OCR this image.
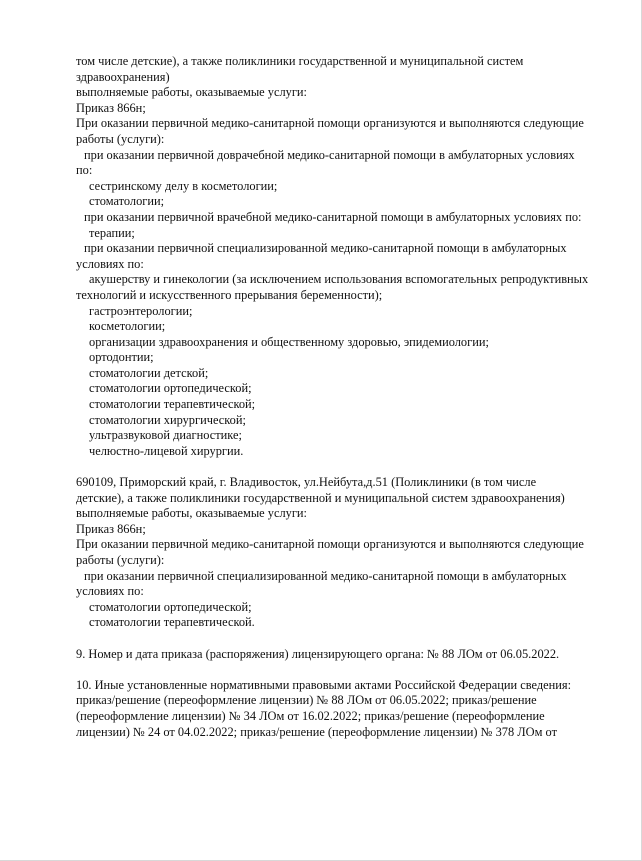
том числе детские), а также поликлиники государственной и муниципальной систем
здравоохранения)
выполняемые работы, оказываемые услуги:
Приказ 866н;
При оказании первичной медико-санитарной помощи организуются и выполняются следующие
работы (услуги):
при оказании первичной доврачебной медико-санитарной помощи в амбулаторных условиях
по:
сестринскому делу в косметологии;
стоматологии;
при оказании первичной врачебной медико-санитарной помощи в амбулаторных условиях по:
терапии;
при оказании первичной специализированной медико-санитарной помощи в амбулаторных
условиях по:
акушерству и гинекологии (за исключением использования вспомогательных репродуктивных
технологий и искусственного прерывания беременности);
гастроэнтерологии;
косметологии;
организации здравоохранения и общественному здоровью, эпидемиологии;
ортодонтии;
стоматологии детской;
стоматологии ортопедической;
стоматологии терапевтической;
стоматологии хирургической;
ультразвуковой диагностике;
челюстно-лицевой хирургии.
690109, Приморский край, г. Владивосток, ул.Нейбута,д.51 (Поликлиники (в том числе
детские), а также поликлиники государственной и муниципальной систем здравоохранения)
выполняемые работы, оказываемые услуги:
Приказ 866н;
При оказании первичной медико-санитарной помощи организуются и выполняются следующие
работы (услуги):
при оказании первичной специализированной медико-санитарной помощи в амбулаторных
условиях по:
стоматологии ортопедической;
стоматологии терапевтической.
9. Номер и дата приказа (распоряжения) лицензирующего органа: № 88 ЛОм от 06.05.2022.
10. Иные установленные нормативными правовыми актами Российской Федерации сведения:
приказ/решение (переоформление лицензии) № 88 ЛОм от 06.05.2022; приказ/решение
(переоформление лицензии) № 34 ЛОм от 16.02.2022; приказ/решение (переоформление
лицензии) № 24 от 04.02.2022; приказ/решение (переоформление лицензии) № 378 ЛОм от
